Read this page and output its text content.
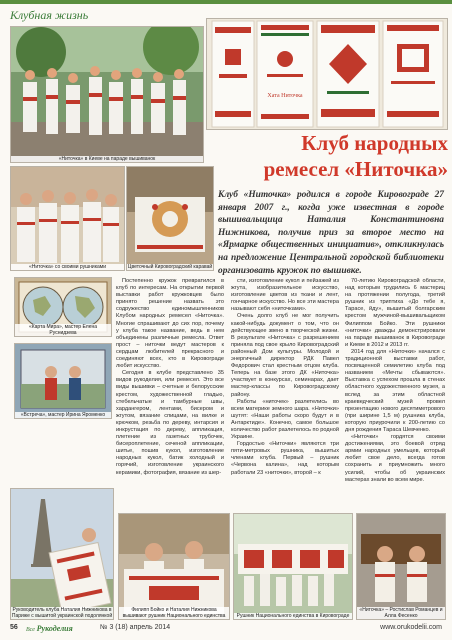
Клубная жизнь
«Ниточка» в Киеве на параде вышиванок
Хата Ниточка
Клуб народных
ремесел «Ниточка»
Клуб «Ниточка» родился в городе Кировограде 27 января 2007 г., когда уже известная в городе вышивальщица Наталия Константиновна Нижникова, получив приз за второе место на «Ярмарке общественных инициатив», откликнулась на предложение Центральной городской библиотеки организовать кружок по вышивке.
«Ниточка» со своими рушниками	Цветочный Кировоградский каравай
«Карта Мира», мастер Елена Руснидзева
«Встреча», мастер Ирина Яроменко
Руководитель клуба Наталия Нижникова в Париже с вышитой украинской подолянкой
Филипп Бойко и Наталия Нижникова вышивают рушник Национального единства	Рушник Национального единства в Кировограде
«Ниточка» – Ростислав Романцев и Алла Фесенко

Постепенно кружок превратился в клуб по интересам. На открытии первой выставки работ кружковцев было принято решение назвать это содружество единомышленников Клубом народных ремесел «Ниточка». Многие спрашивают до сих пор, почему у клуба такое название, ведь в нем объединены различные ремесла. Ответ прост – ниточки ведут мастеров к сердцам любителей прекрасного и соединяют всех, кто в Кировограде любит искусство.

Сегодня в клубе представлено 35 видов рукоделия, или ремесел. Это все виды вышивки – счетные и белорусские крестом, художественной гладью, стебельчатые и тамбурные швы, хардангером, лентами, бисером и жгутом, вязание спицами, на вилке и крючком, резьба по дереву, интарсия и инкрустация по дереву, аппликация, плетение из газетных трубочек, бисероплетение, сеченой аппликации, шитье, пошив кукол, изготовление народных кукол, батик холодный и горячий, изготовление украинского керамики, фотография, вязание из шер-

сти, изготовление кукол и пейзажей из жгута, изобразительное искусство, изготовление цветов из ткани и лент, гончарное искусство. Но все эти мастера называют себя «ниточками».

Очень долго клуб не мог получить какой-нибудь документ о том, что он действующее звено в творческой жизни. В результате «Ниточка» с разрешением приняла под свое крыло Кировоградский районный Дом культуры. Молодой и энергичный директор РДК Павел Федорович стал крестным отцом клуба. Теперь на базе этого ДК «Ниточка» участвует в конкурсах, семинарах, дает мастер-классы по Кировоградскому району.

Работы «ниточек» разлетелись во всем материке земного шара. «Ниточки» шутят: «Наши работы скоро будут и в Антарктиде». Конечно, самое большое количество работ разлетелось по родной Украине.

Гордостью «Ниточки» являются три пяти-метровых рушника, вышитых членами клуба. Первый – рушник «Червона калина», над которым работали 23 «ниточки», второй – к

70-летию Кировоградской области, над которым трудились 6 мастериц на протяжении полугода, третий рушник из триптиха «До тебе я, Тарасе, йду», вышитый болгарским крестом мужчиной-вышивальщиком Филиппом Бойко. Эти рушники «ниточки» дважды демонстрировали на параде вышиванок в Кировограде и Киеве в 2012 и 2013 гг.

2014 год для «Ниточки» начался с традиционной выставки работ, посвященной семилетию клуба под названием «Мечты сбываются». Выставка с успехом прошла в стенах областного художественного музея, а вслед за этим областной краеведческий музей провел презентацию нового десятиметрового (при ширине 1,5 м) рушника клуба, которую приурочили к 200-летию со дня рождения Тараса Шевченко.

«Ниточки» гордятся своими достижениями, это боевой отряд армии народных умельцев, который любит свое дело, всегда готов сохранить и приумножить много усилий, чтобы об украинских мастерах знали во всем мире.

56 Все Рукоделия	№ 3 (18) апрель 2014	www.orukodelii.com
